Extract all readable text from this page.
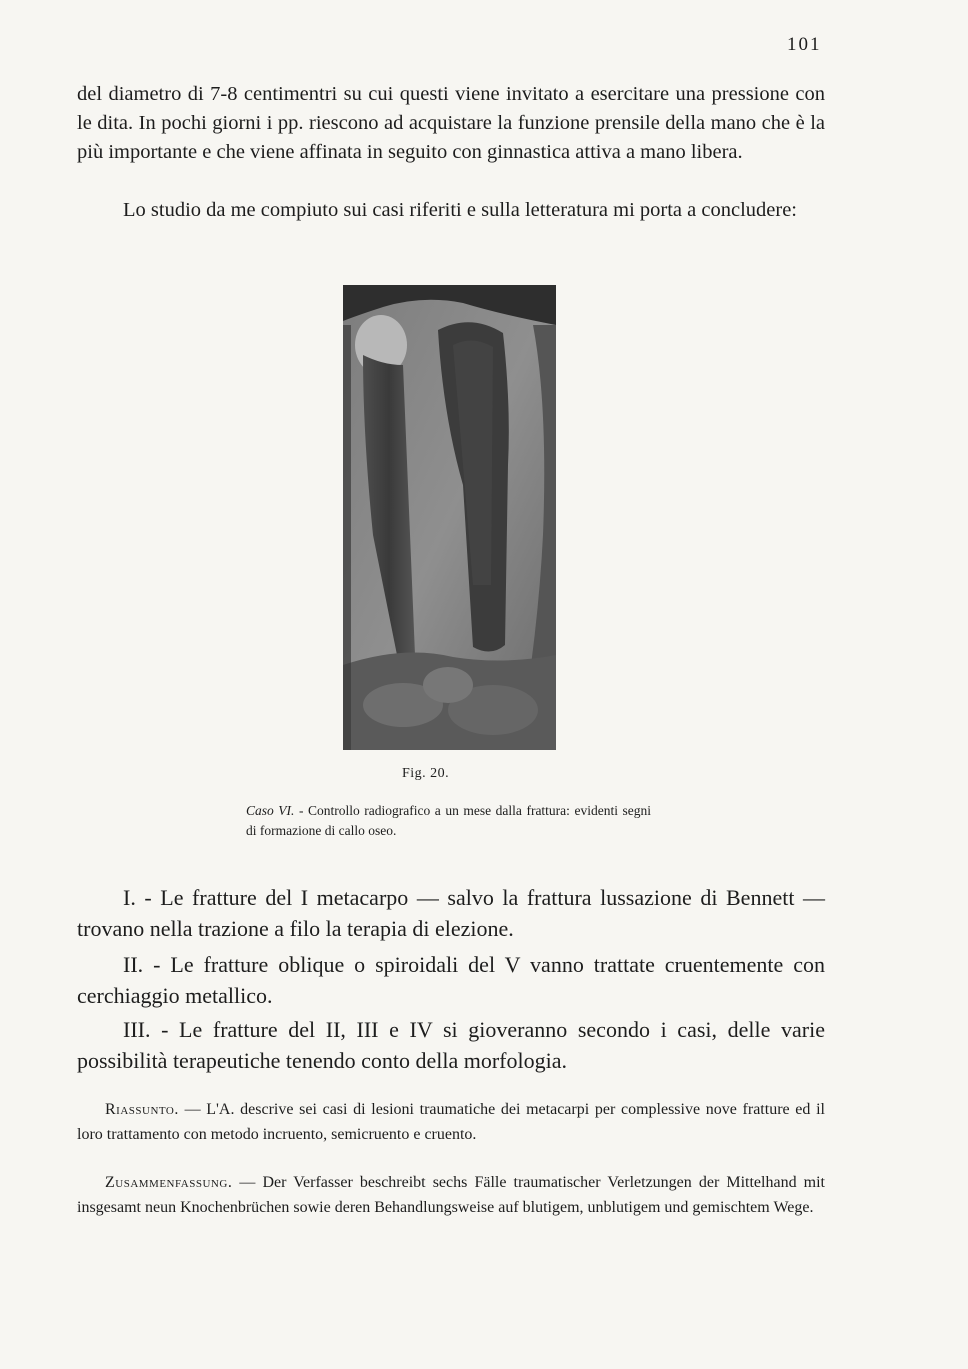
101

del diametro di 7-8 centimentri su cui questi viene invitato a esercitare una pressione con le dita. In pochi giorni i pp. riescono ad acquistare la funzione prensile della mano che è la più importante e che viene affinata in seguito con ginnastica attiva a mano libera.

Lo studio da me compiuto sui casi riferiti e sulla letteratura mi porta a concludere:

Fig. 20.

Caso VI. - Controllo radiografico a un mese dalla frattura: evidenti segni di formazione di callo oseo.

I. - Le fratture del I metacarpo — salvo la frattura lussazione di Bennett — trovano nella trazione a filo la terapia di elezione.

II. - Le fratture oblique o spiroidali del V vanno trattate cruentemente con cerchiaggio metallico.

III. - Le fratture del II, III e IV si gioveranno secondo i casi, delle varie possibilità terapeutiche tenendo conto della morfologia.

Riassunto. — L'A. descrive sei casi di lesioni traumatiche dei metacarpi per complessive nove fratture ed il loro trattamento con metodo incruento, semicruento e cruento.

Zusammenfassung. — Der Verfasser beschreibt sechs Fälle traumatischer Verletzungen der Mittelhand mit insgesamt neun Knochenbrüchen sowie deren Behandlungsweise auf blutigem, unblutigem und gemischtem Wege.
